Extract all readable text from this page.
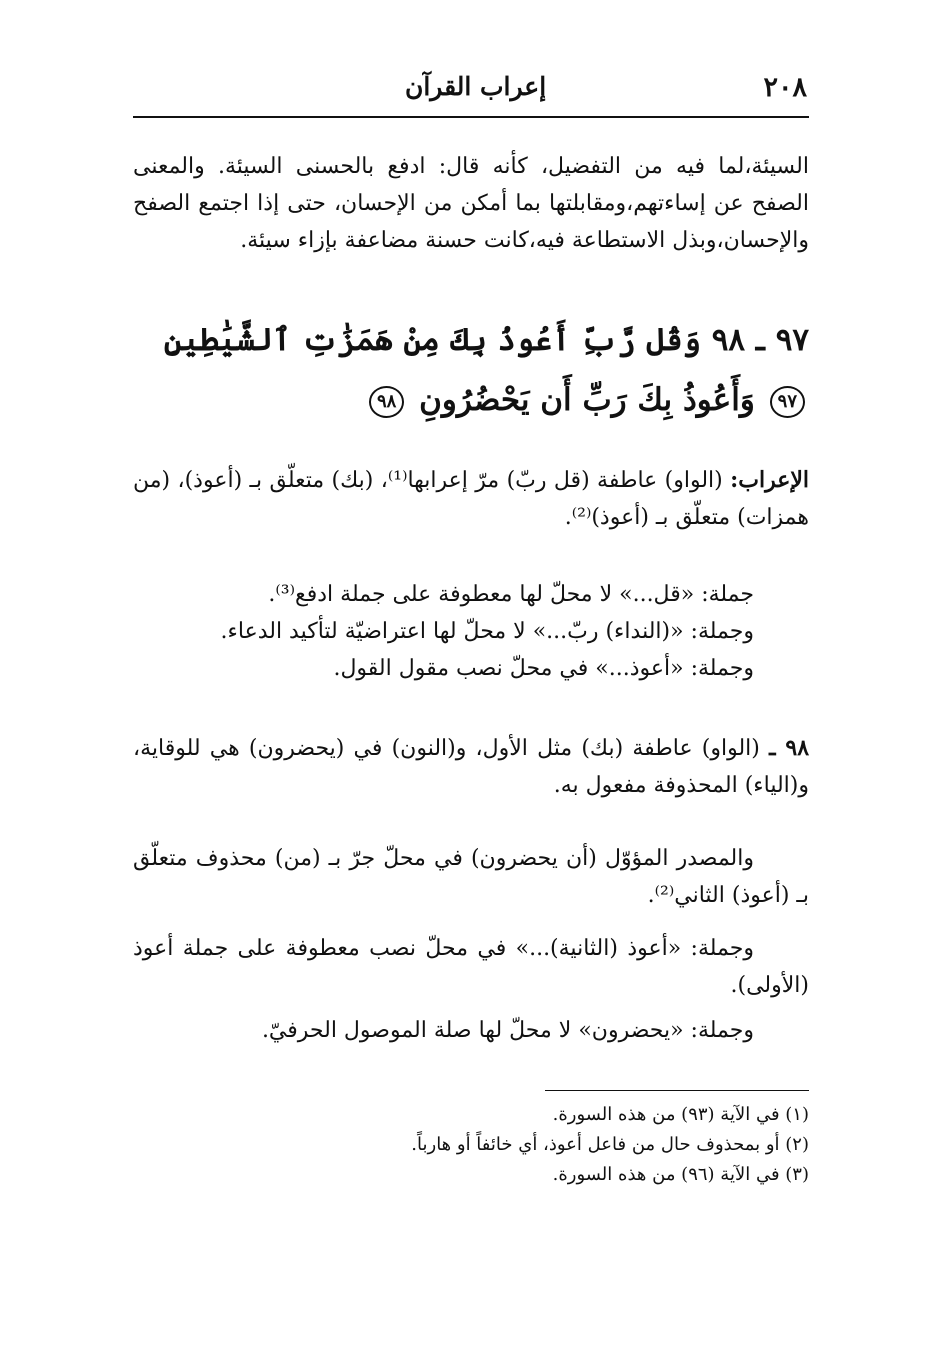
٢٠٨
إعراب القرآن
السيئة،لما فيه من التفضيل، كأنه قال: ادفع بالحسنى السيئة. والمعنى الصفح عن إساءتهم،ومقابلتها بما أمكن من الإحسان، حتى إذا اجتمع الصفح والإحسان،وبذل الاستطاعة فيه،كانت حسنة مضاعفة بإزاء سيئة.
٩٧ ـ ٩٨ وَقُل رَّبِّ أَعُوذُ بِكَ مِنْ هَمَزَٰتِ ٱلشَّيَٰطِينِ ٩٧ وَأَعُوذُ بِكَ رَبِّ أَن يَحْضُرُونِ ٩٨
الإعراب: (الواو) عاطفة (قل ربّ) مرّ إعرابها⁽¹⁾، (بك) متعلّق بـ (أعوذ)، (من همزات) متعلّق بـ (أعوذ)⁽²⁾.
جملة: «قل...» لا محلّ لها معطوفة على جملة ادفع⁽³⁾.
وجملة: «(النداء) ربّ...» لا محلّ لها اعتراضيّة لتأكيد الدعاء.
وجملة: «أعوذ...» في محلّ نصب مقول القول.
٩٨ ـ (الواو) عاطفة (بك) مثل الأول، و(النون) في (يحضرون) هي للوقاية، و(الياء) المحذوفة مفعول به.
والمصدر المؤوّل (أن يحضرون) في محلّ جرّ بـ (من) محذوف متعلّق بـ (أعوذ) الثاني⁽²⁾.
وجملة: «أعوذ (الثانية)...» في محلّ نصب معطوفة على جملة أعوذ (الأولى).
وجملة: «يحضرون» لا محلّ لها صلة الموصول الحرفيّ.
(١) في الآية (٩٣) من هذه السورة.
(٢) أو بمحذوف حال من فاعل أعوذ، أي خائفاً أو هارباً.
(٣) في الآية (٩٦) من هذه السورة.
